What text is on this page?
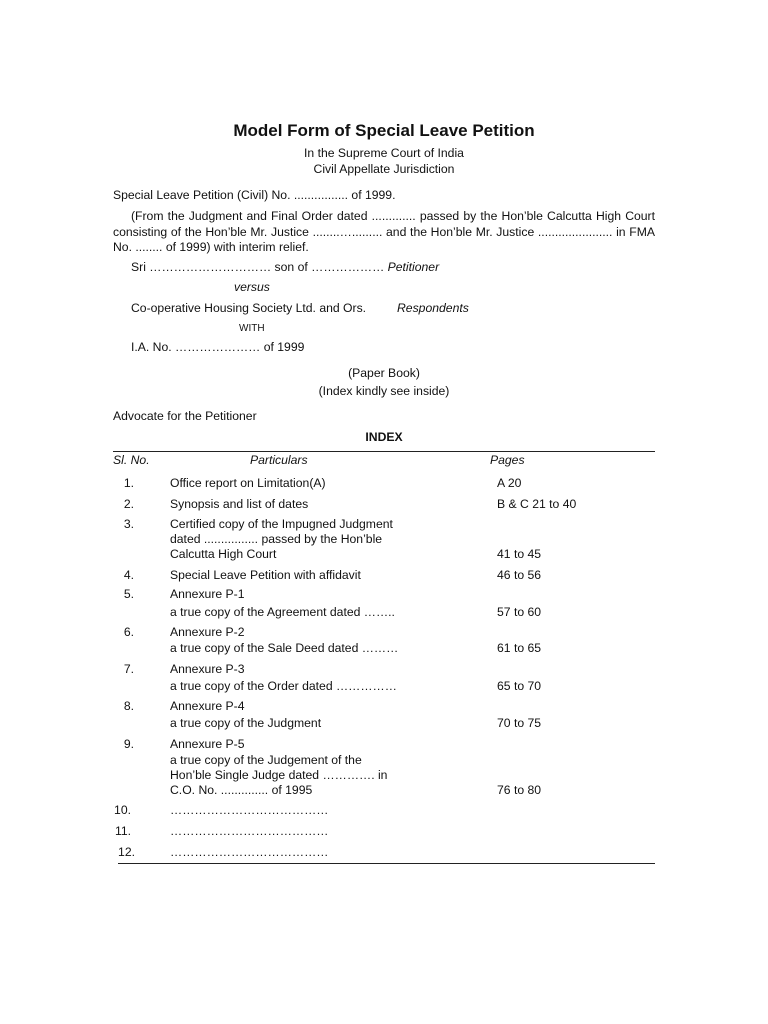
Model Form of Special Leave Petition
In the Supreme Court of India
Civil Appellate Jurisdiction
Special Leave Petition (Civil) No. ................ of 1999.
(From the Judgment and Final Order dated ............. passed by the Hon’ble Calcutta High Court consisting of the Hon’ble Mr. Justice ........…......... and the Hon’ble Mr. Justice ...................... in FMA No. ........ of 1999) with interim relief.
Sri ………………………… son of ……………… Petitioner
versus
Co-operative Housing Society Ltd. and Ors.	Respondents
WITH
I.A. No. ………………… of 1999
(Paper Book)
(Index kindly see inside)
Advocate for the Petitioner
INDEX
Sl. No.	Particulars	Pages
1.	Office report on Limitation(A)	A 20
2.	Synopsis and list of dates	B & C 21 to 40
3.	Certified copy of the Impugned Judgment
dated ................ passed by the Hon’ble
Calcutta High Court	41 to 45
4.	Special Leave Petition with affidavit	46 to 56
5.	Annexure P-1
a true copy of the Agreement dated ……..	57 to 60
6.	Annexure P-2
a true copy of the Sale Deed dated ………	61 to 65
7.	Annexure P-3
a true copy of the Order dated ……………	65 to 70
8.	Annexure P-4
a true copy of the Judgment	70 to 75
9.	Annexure P-5
a true copy of the Judgement of the
Hon’ble Single Judge dated …………. in
C.O. No. .............. of 1995	76 to 80
10.	…………………………………
11.	…………………………………
12.	…………………………………
